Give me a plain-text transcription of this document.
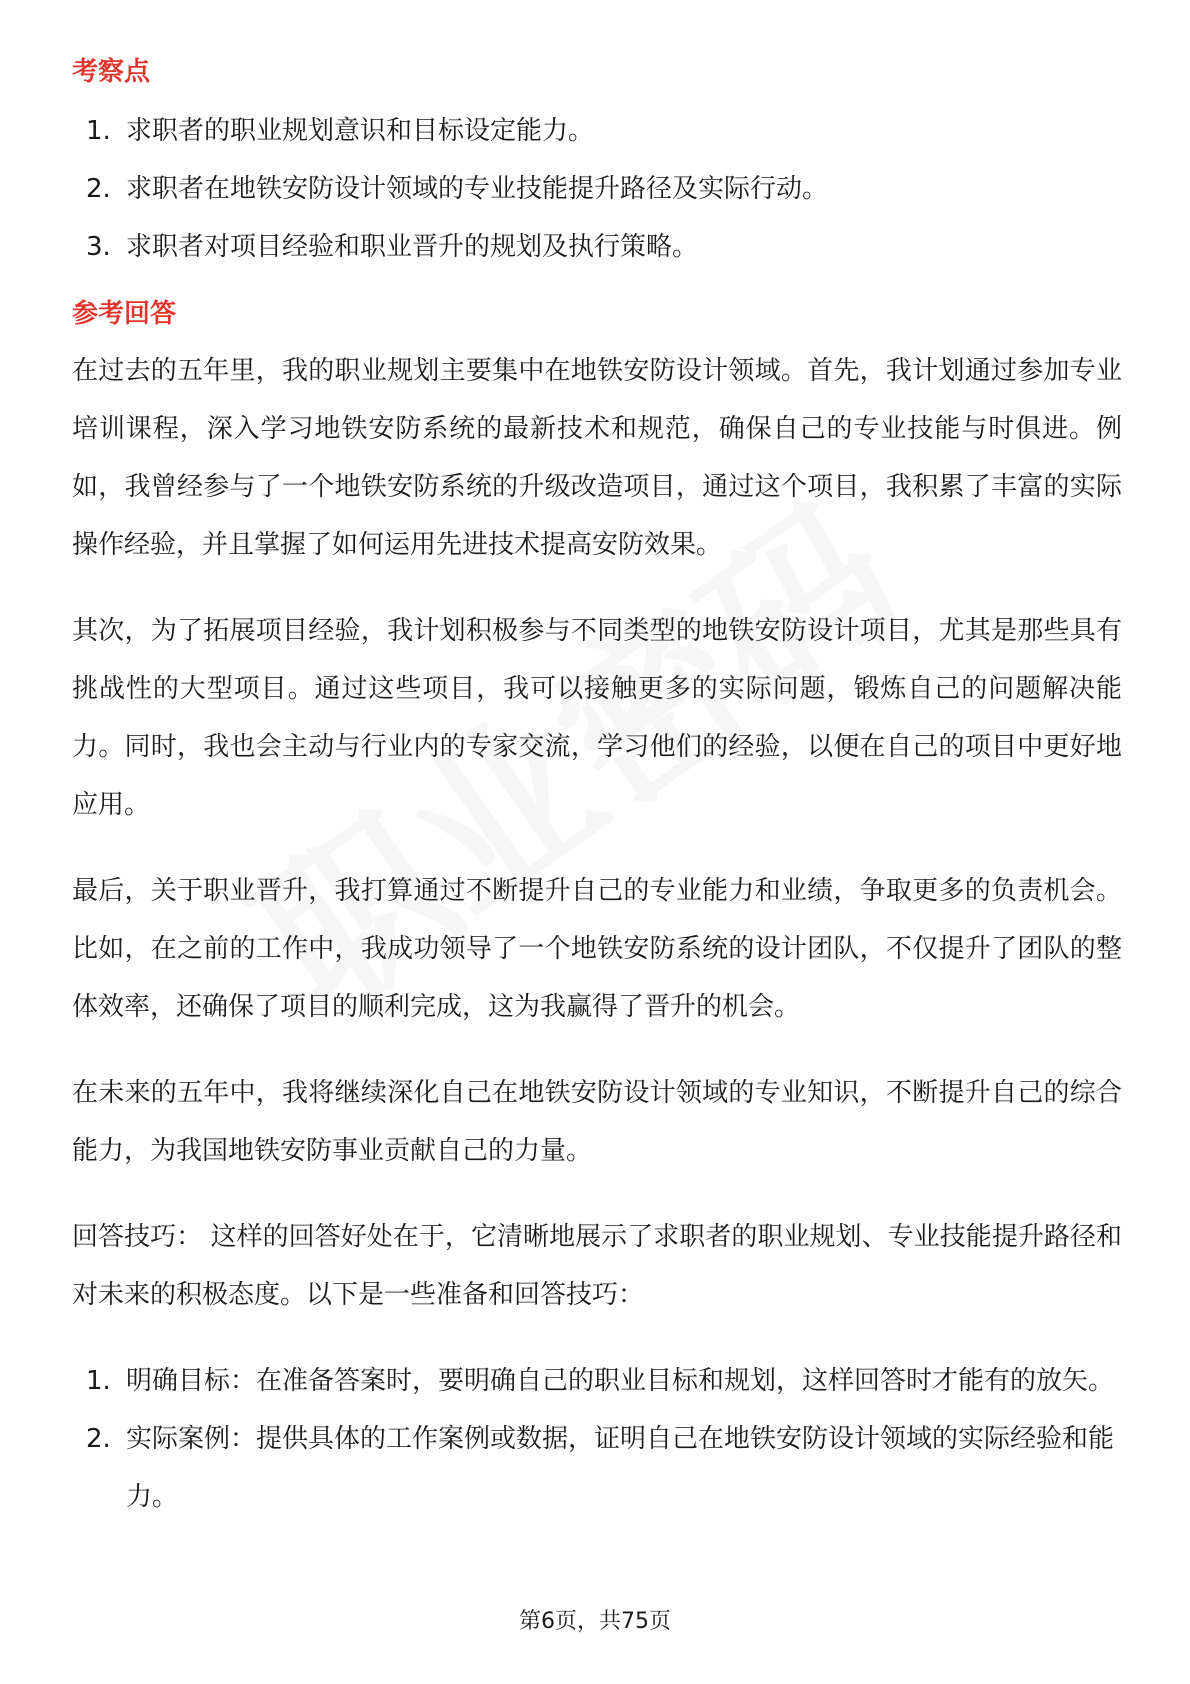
考察点
1. 求职者的职业规划意识和目标设定能力。
2. 求职者在地铁安防设计领域的专业技能提升路径及实际行动。
3. 求职者对项目经验和职业晋升的规划及执行策略。
参考回答

在过去的五年里，我的职业规划主要集中在地铁安防设计领域。首先，我计划通过参加专业培训课程，深入学习地铁安防系统的最新技术和规范，确保自己的专业技能与时俱进。例如，我曾经参与了一个地铁安防系统的升级改造项目，通过这个项目，我积累了丰富的实际操作经验，并且掌握了如何运用先进技术提高安防效果。

其次，为了拓展项目经验，我计划积极参与不同类型的地铁安防设计项目，尤其是那些具有挑战性的大型项目。通过这些项目，我可以接触更多的实际问题，锻炼自己的问题解决能力。同时，我也会主动与行业内的专家交流，学习他们的经验，以便在自己的项目中更好地应用。

最后，关于职业晋升，我打算通过不断提升自己的专业能力和业绩，争取更多的负责机会。比如，在之前的工作中，我成功领导了一个地铁安防系统的设计团队，不仅提升了团队的整体效率，还确保了项目的顺利完成，这为我赢得了晋升的机会。

在未来的五年中，我将继续深化自己在地铁安防设计领域的专业知识，不断提升自己的综合能力，为我国地铁安防事业贡献自己的力量。

回答技巧： 这样的回答好处在于，它清晰地展示了求职者的职业规划、专业技能提升路径和对未来的积极态度。以下是一些准备和回答技巧：

1. 明确目标：在准备答案时，要明确自己的职业目标和规划，这样回答时才能有的放矢。
2. 实际案例：提供具体的工作案例或数据，证明自己在地铁安防设计领域的实际经验和能力。
第6页，共75页
